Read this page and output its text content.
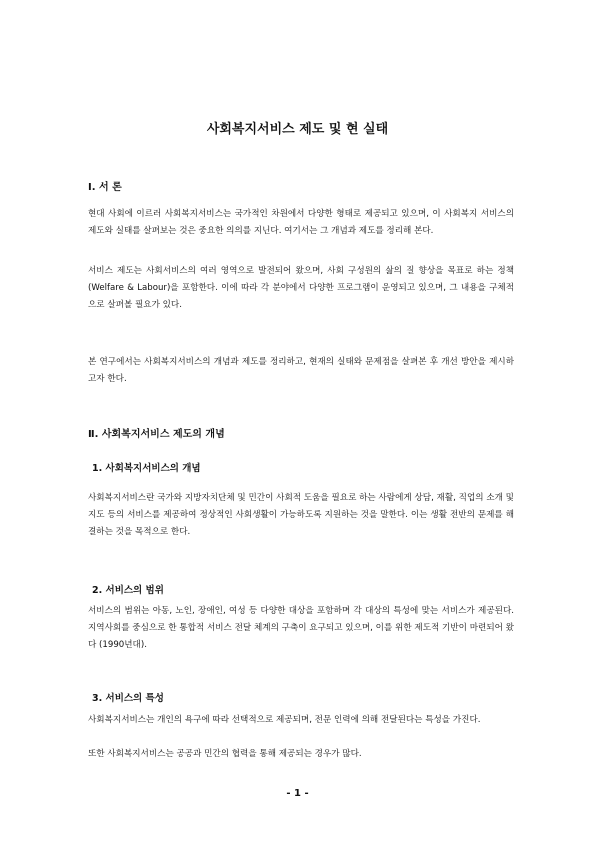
사회복지서비스 제도 및 현 실태
Ⅰ. 서 론
현대 사회에 이르러 사회복지서비스는 국가적인 차원에서 다양한 형태로 제공되고 있으며, 이 사회복지 서비스의 제도와 실태를 살펴보는 것은 중요한 의의를 지닌다. 여기서는 그 개념과 제도를 정리해 본다.
서비스 제도는 사회서비스의 여러 영역으로 발전되어 왔으며, 사회 구성원의 삶의 질 향상을 목표로 하는 정책 (Welfare & Labour)을 포함한다. 이에 따라 각 분야에서 다양한 프로그램이 운영되고 있으며, 그 내용을 구체적으로 살펴볼 필요가 있다.
본 연구에서는 사회복지서비스의 개념과 제도를 정리하고, 현재의 실태와 문제점을 살펴본 후 개선 방안을 제시하고자 한다.
Ⅱ. 사회복지서비스 제도의 개념
1. 사회복지서비스의 개념
사회복지서비스란 국가와 지방자치단체 및 민간이 사회적 도움을 필요로 하는 사람에게 상담, 재활, 직업의 소개 및 지도 등의 서비스를 제공하여 정상적인 사회생활이 가능하도록 지원하는 것을 말한다. 이는 생활 전반의 문제를 해결하는 것을 목적으로 한다.
2. 서비스의 범위
서비스의 범위는 아동, 노인, 장애인, 여성 등 다양한 대상을 포함하며 각 대상의 특성에 맞는 서비스가 제공된다. 지역사회를 중심으로 한 통합적 서비스 전달 체계의 구축이 요구되고 있으며, 이를 위한 제도적 기반이 마련되어 왔다 (1990년대).
3. 서비스의 특성
사회복지서비스는 개인의 욕구에 따라 선택적으로 제공되며, 전문 인력에 의해 전달된다는 특성을 가진다.
또한 사회복지서비스는 공공과 민간의 협력을 통해 제공되는 경우가 많다.
- 1 -
